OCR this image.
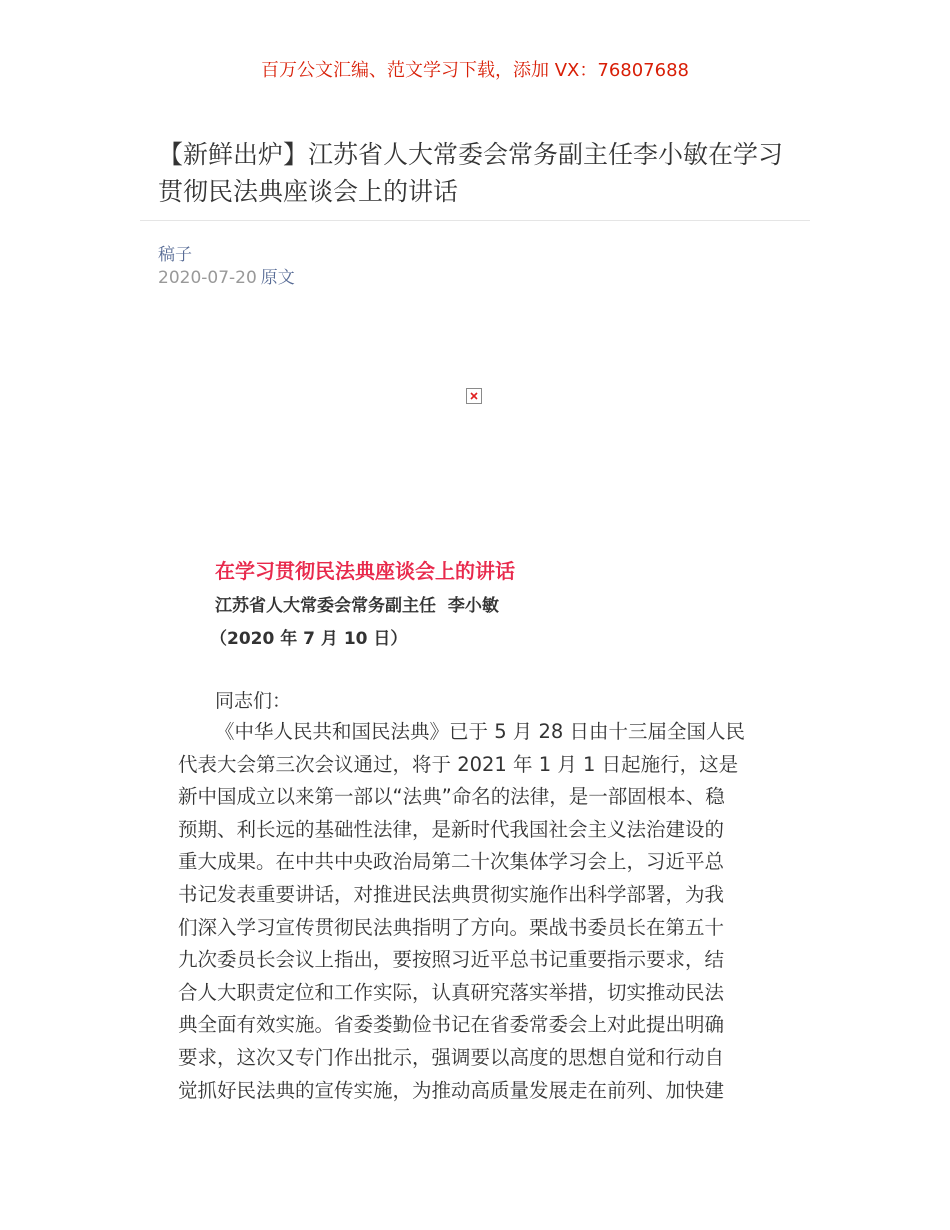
百万公文汇编、范文学习下载，添加 VX：76807688
【新鲜出炉】江苏省人大常委会常务副主任李小敏在学习贯彻民法典座谈会上的讲话
稿子
2020-07-20 原文
在学习贯彻民法典座谈会上的讲话
江苏省人大常委会常务副主任  李小敏
（2020 年 7 月 10 日）
同志们：
《中华人民共和国民法典》已于 5 月 28 日由十三届全国人民
代表大会第三次会议通过，将于 2021 年 1 月 1 日起施行，这是
新中国成立以来第一部以“法典”命名的法律，是一部固根本、稳
预期、利长远的基础性法律，是新时代我国社会主义法治建设的
重大成果。在中共中央政治局第二十次集体学习会上，习近平总
书记发表重要讲话，对推进民法典贯彻实施作出科学部署，为我
们深入学习宣传贯彻民法典指明了方向。栗战书委员长在第五十
九次委员长会议上指出，要按照习近平总书记重要指示要求，结
合人大职责定位和工作实际，认真研究落实举措，切实推动民法
典全面有效实施。省委娄勤俭书记在省委常委会上对此提出明确
要求，这次又专门作出批示，强调要以高度的思想自觉和行动自
觉抓好民法典的宣传实施，为推动高质量发展走在前列、加快建
